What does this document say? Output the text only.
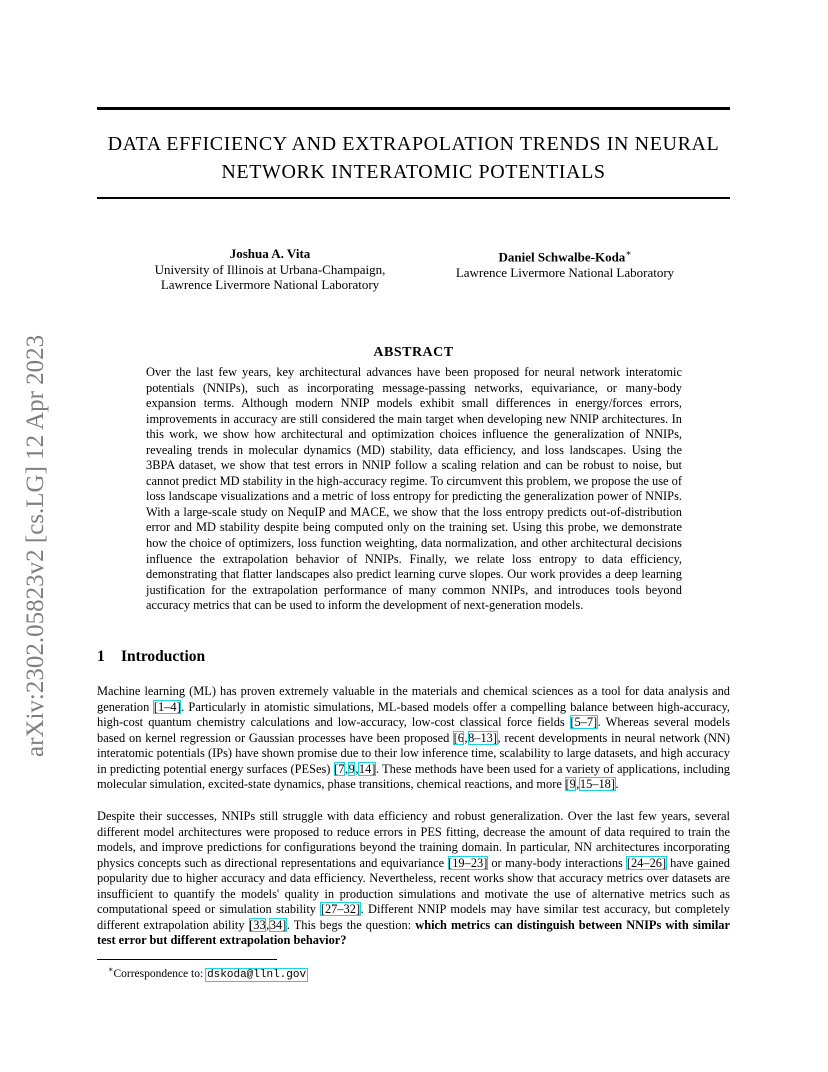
arXiv:2302.05823v2 [cs.LG] 12 Apr 2023
DATA EFFICIENCY AND EXTRAPOLATION TRENDS IN NEURAL
NETWORK INTERATOMIC POTENTIALS
Joshua A. Vita
University of Illinois at Urbana-Champaign,
Lawrence Livermore National Laboratory
Daniel Schwalbe-Koda∗
Lawrence Livermore National Laboratory
ABSTRACT

Over the last few years, key architectural advances have been proposed for neural network interatomic potentials (NNIPs), such as incorporating message-passing networks, equivariance, or many-body expansion terms. Although modern NNIP models exhibit small differences in energy/forces errors, improvements in accuracy are still considered the main target when developing new NNIP architectures. In this work, we show how architectural and optimization choices influence the generalization of NNIPs, revealing trends in molecular dynamics (MD) stability, data efficiency, and loss landscapes. Using the 3BPA dataset, we show that test errors in NNIP follow a scaling relation and can be robust to noise, but cannot predict MD stability in the high-accuracy regime. To circumvent this problem, we propose the use of loss landscape visualizations and a metric of loss entropy for predicting the generalization power of NNIPs. With a large-scale study on NequIP and MACE, we show that the loss entropy predicts out-of-distribution error and MD stability despite being computed only on the training set. Using this probe, we demonstrate how the choice of optimizers, loss function weighting, data normalization, and other architectural decisions influence the extrapolation behavior of NNIPs. Finally, we relate loss entropy to data efficiency, demonstrating that flatter landscapes also predict learning curve slopes. Our work provides a deep learning justification for the extrapolation performance of many common NNIPs, and introduces tools beyond accuracy metrics that can be used to inform the development of next-generation models.

1 Introduction

Machine learning (ML) has proven extremely valuable in the materials and chemical sciences as a tool for data analysis and generation [1–4]. Particularly in atomistic simulations, ML-based models offer a compelling balance between high-accuracy, high-cost quantum chemistry calculations and low-accuracy, low-cost classical force fields [5–7]. Whereas several models based on kernel regression or Gaussian processes have been proposed [6,8–13], recent developments in neural network (NN) interatomic potentials (IPs) have shown promise due to their low inference time, scalability to large datasets, and high accuracy in predicting potential energy surfaces (PESes) [7,9,14]. These methods have been used for a variety of applications, including molecular simulation, excited-state dynamics, phase transitions, chemical reactions, and more [9,15–18].

Despite their successes, NNIPs still struggle with data efficiency and robust generalization. Over the last few years, several different model architectures were proposed to reduce errors in PES fitting, decrease the amount of data required to train the models, and improve predictions for configurations beyond the training domain. In particular, NN architectures incorporating physics concepts such as directional representations and equivariance [19–23] or many-body interactions [24–26] have gained popularity due to higher accuracy and data efficiency. Nevertheless, recent works show that accuracy metrics over datasets are insufficient to quantify the models' quality in production simulations and motivate the use of alternative metrics such as computational speed or simulation stability [27–32]. Different NNIP models may have similar test accuracy, but completely different extrapolation ability [33,34]. This begs the question: which metrics can distinguish between NNIPs with similar test error but different extrapolation behavior?

∗Correspondence to: dskoda@llnl.gov
